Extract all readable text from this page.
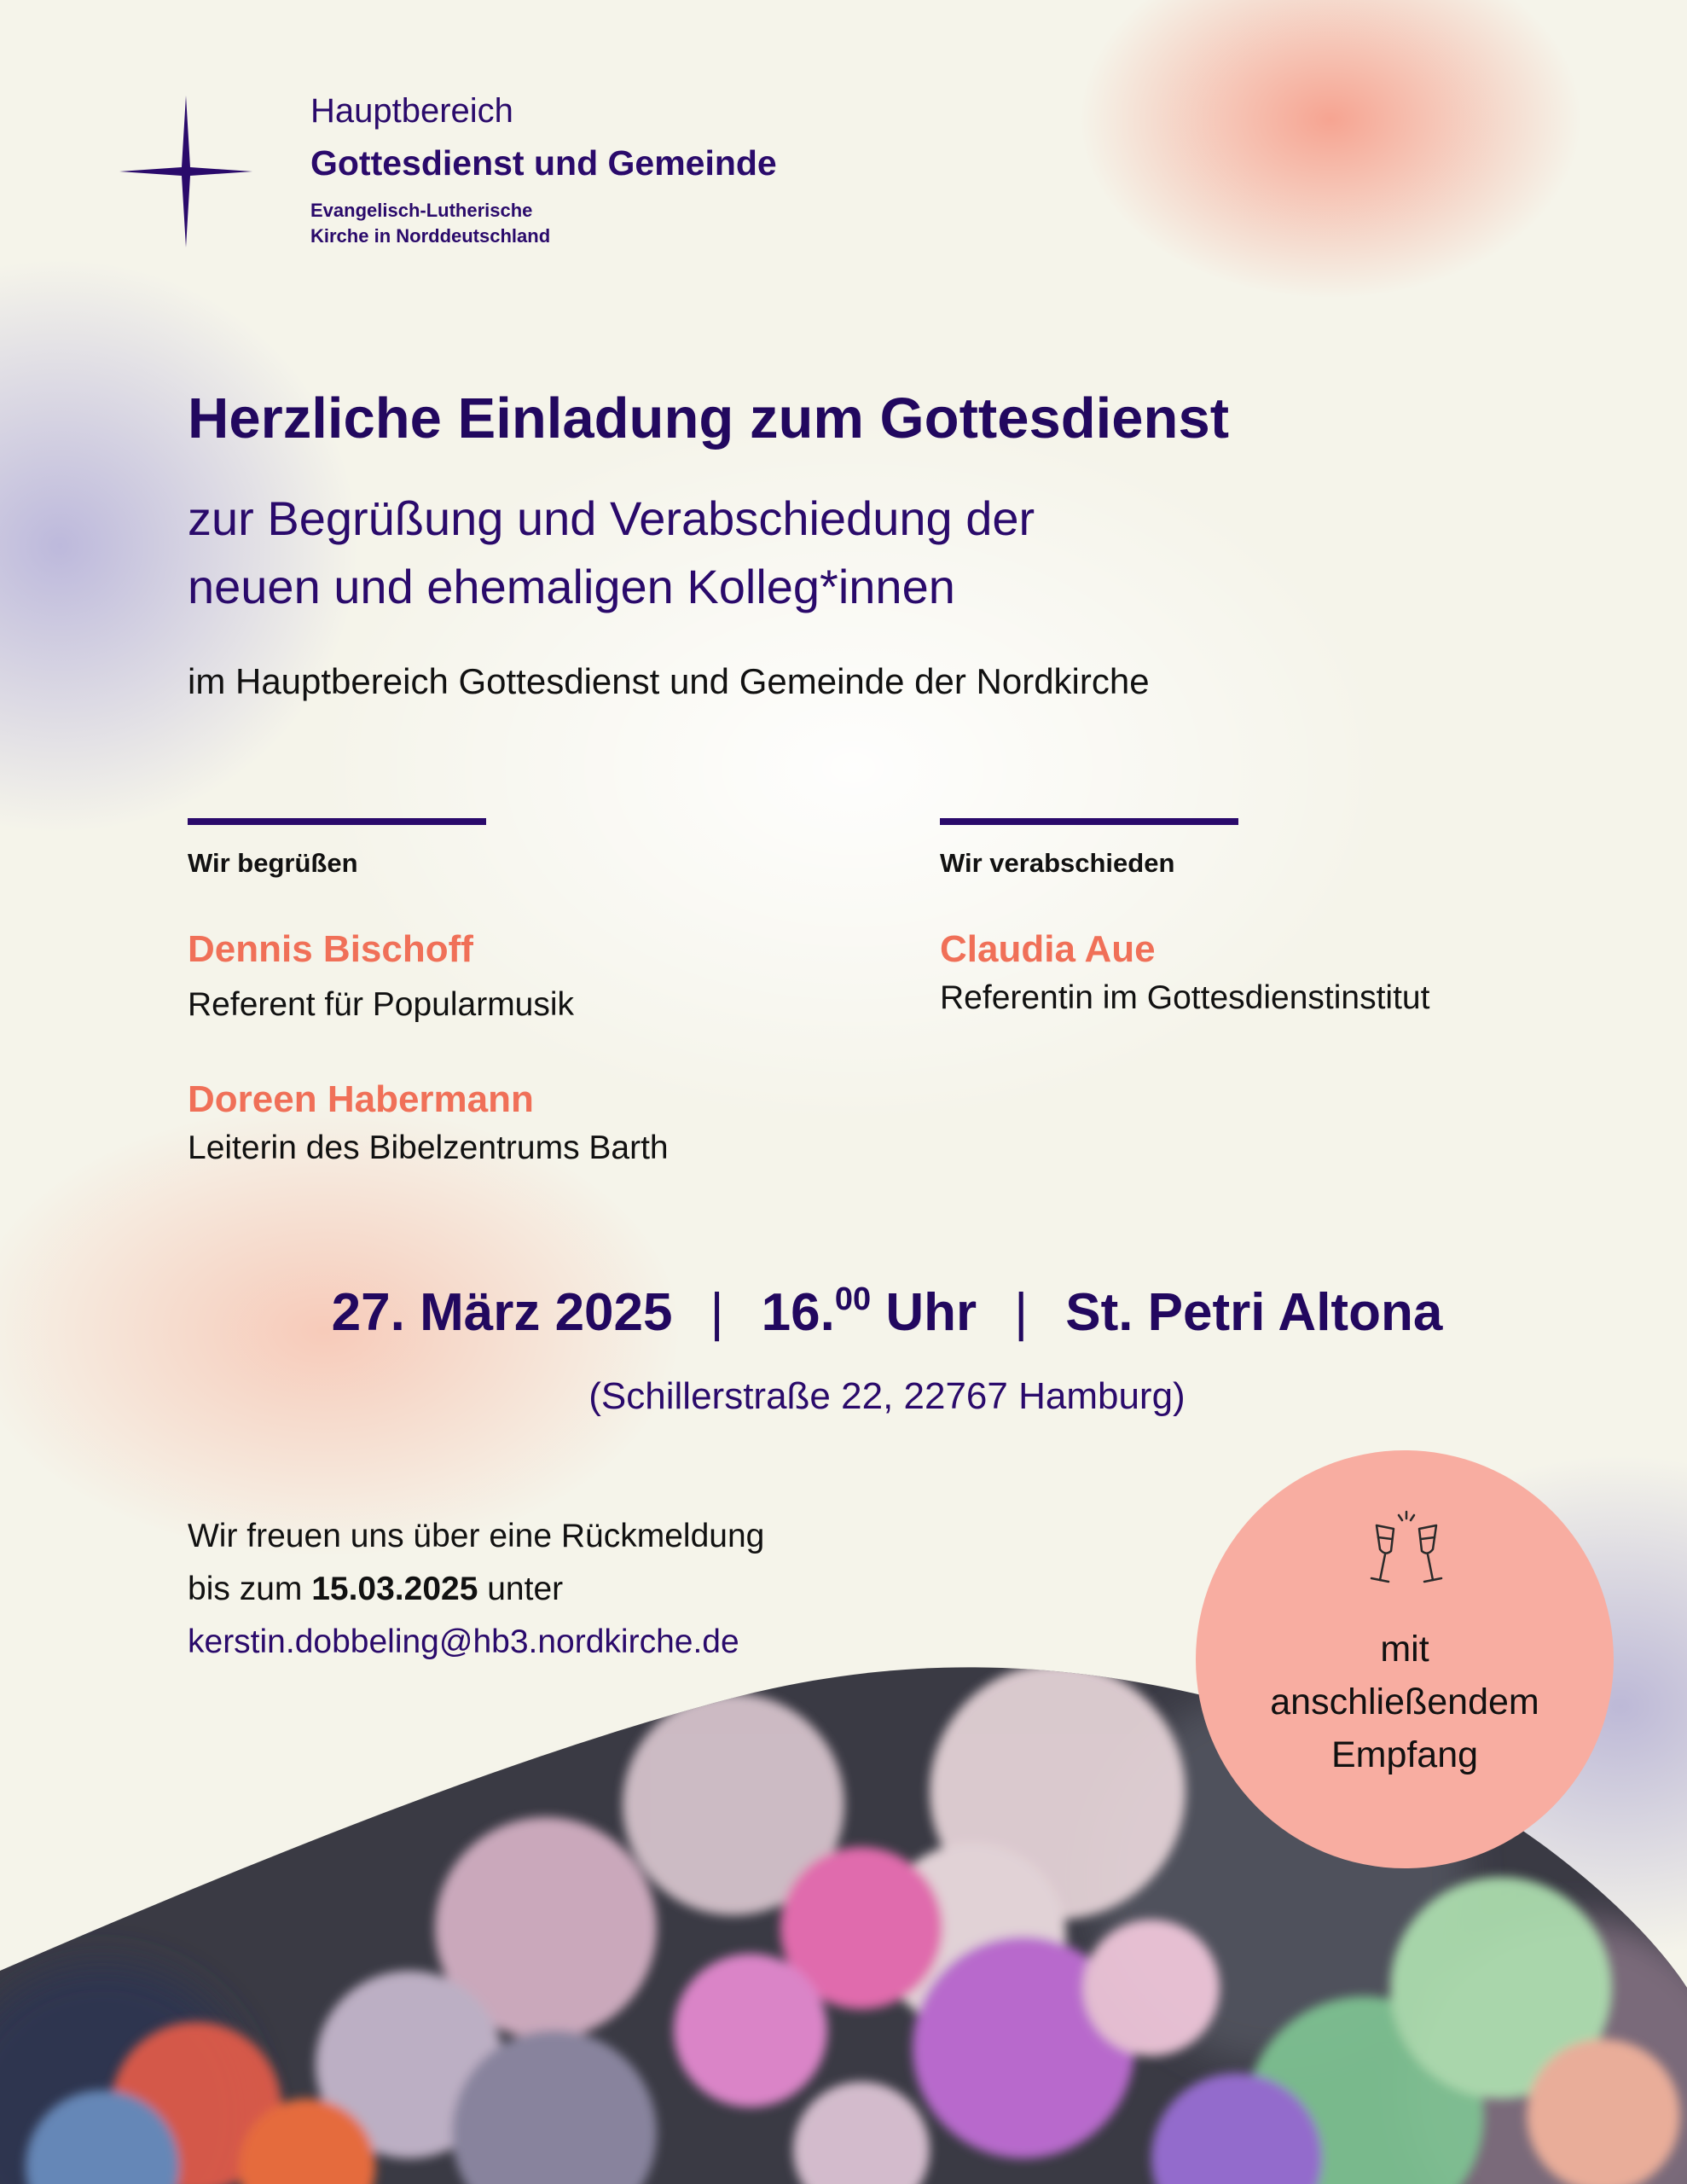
Hauptbereich
Gottesdienst und Gemeinde
Evangelisch-Lutherische
Kirche in Norddeutschland
Herzliche Einladung zum Gottesdienst
zur Begrüßung und Verabschiedung der
neuen und ehemaligen Kolleg*innen
im Hauptbereich Gottesdienst und Gemeinde der Nordkirche
Wir begrüßen
Dennis Bischoff
Referent für Popularmusik
Doreen Habermann
Leiterin des Bibelzentrums Barth
Wir verabschieden
Claudia Aue
Referentin im Gottesdienstinstitut
27. März 2025 | 16.00 Uhr | St. Petri Altona
(Schillerstraße 22, 22767 Hamburg)
Wir freuen uns über eine Rückmeldung
bis zum 15.03.2025 unter
kerstin.dobbeling@hb3.nordkirche.de	mit
anschließendem
Empfang
